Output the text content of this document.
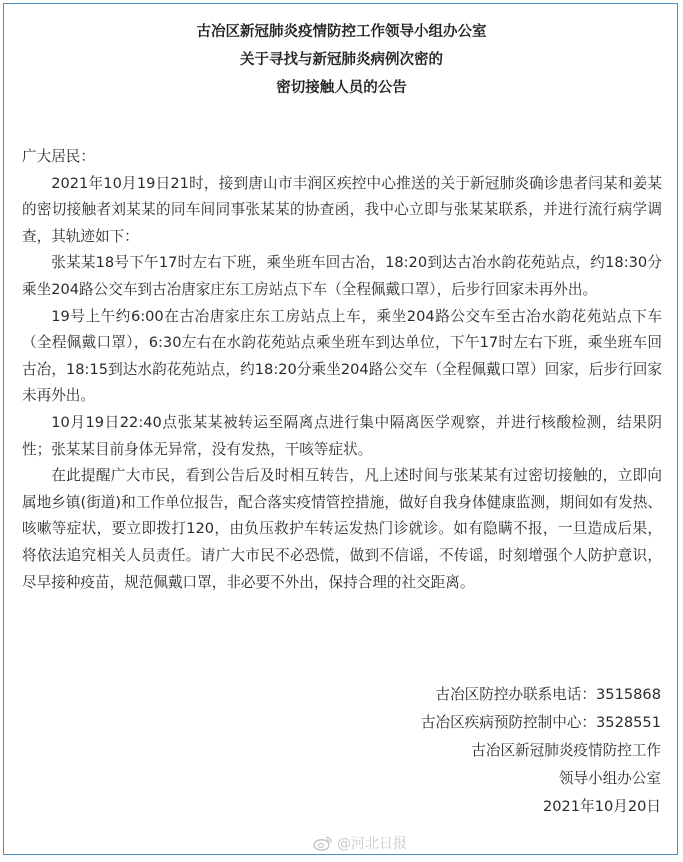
古冶区新冠肺炎疫情防控工作领导小组办公室
关于寻找与新冠肺炎病例次密的
密切接触人员的公告

广大居民：

2021年10月19日21时，接到唐山市丰润区疾控中心推送的关于新冠肺炎确诊患者闫某和姜某的密切接触者刘某某的同车间同事张某某的协查函，我中心立即与张某某联系，并进行流行病学调查，其轨迹如下：

张某某18号下午17时左右下班，乘坐班车回古冶，18:20到达古冶水韵花苑站点，约18:30分乘坐204路公交车到古冶唐家庄东工房站点下车（全程佩戴口罩），后步行回家未再外出。

19号上午约6:00在古冶唐家庄东工房站点上车，乘坐204路公交车至古冶水韵花苑站点下车（全程佩戴口罩），6:30左右在水韵花苑站点乘坐班车到达单位，下午17时左右下班，乘坐班车回古冶，18:15到达水韵花苑站点，约18:20分乘坐204路公交车（全程佩戴口罩）回家，后步行回家未再外出。

10月19日22:40点张某某被转运至隔离点进行集中隔离医学观察，并进行核酸检测，结果阴性；张某某目前身体无异常，没有发热，干咳等症状。

在此提醒广大市民，看到公告后及时相互转告，凡上述时间与张某某有过密切接触的，立即向属地乡镇(街道)和工作单位报告，配合落实疫情管控措施，做好自我身体健康监测，期间如有发热、咳嗽等症状，要立即拨打120，由负压救护车转运发热门诊就诊。如有隐瞒不报，一旦造成后果，将依法追究相关人员责任。请广大市民不必恐慌，做到不信谣，不传谣，时刻增强个人防护意识，尽早接种疫苗，规范佩戴口罩，非必要不外出，保持合理的社交距离。

古冶区防控办联系电话：3515868
古冶区疾病预防控制中心：3528551
古冶区新冠肺炎疫情防控工作
领导小组办公室
2021年10月20日
@河北日报
